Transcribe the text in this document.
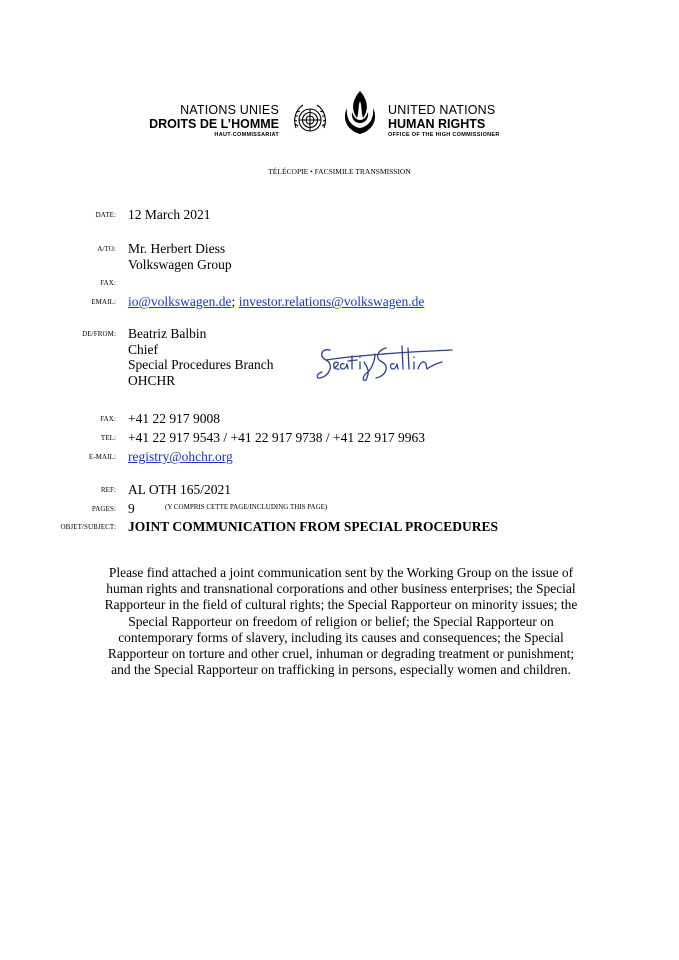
NATIONS UNIES
DROITS DE L’HOMME
HAUT-COMMISSARIAT
UNITED NATIONS
HUMAN RIGHTS
OFFICE OF THE HIGH COMMISSIONER
TÉLÉCOPIE • FACSIMILE TRANSMISSION
DATE: 12 March 2021
A/TO: Mr. Herbert Diess
Volkswagen Group
FAX:
EMAIL: io@volkswagen.de; investor.relations@volkswagen.de
DE/FROM: Beatriz Balbin
Chief
Special Procedures Branch
OHCHR
FAX: +41 22 917 9008
TEL: +41 22 917 9543 / +41 22 917 9738 / +41 22 917 9963
E-MAIL: registry@ohchr.org
REF: AL OTH 165/2021
PAGES: 9	(Y COMPRIS CETTE PAGE/INCLUDING THIS PAGE)
OBJET/SUBJECT: JOINT COMMUNICATION FROM SPECIAL PROCEDURES
Please find attached a joint communication sent by the Working Group on the issue of
human rights and transnational corporations and other business enterprises; the Special
Rapporteur in the field of cultural rights; the Special Rapporteur on minority issues; the
Special Rapporteur on freedom of religion or belief; the Special Rapporteur on
contemporary forms of slavery, including its causes and consequences; the Special
Rapporteur on torture and other cruel, inhuman or degrading treatment or punishment;
and the Special Rapporteur on trafficking in persons, especially women and children.
